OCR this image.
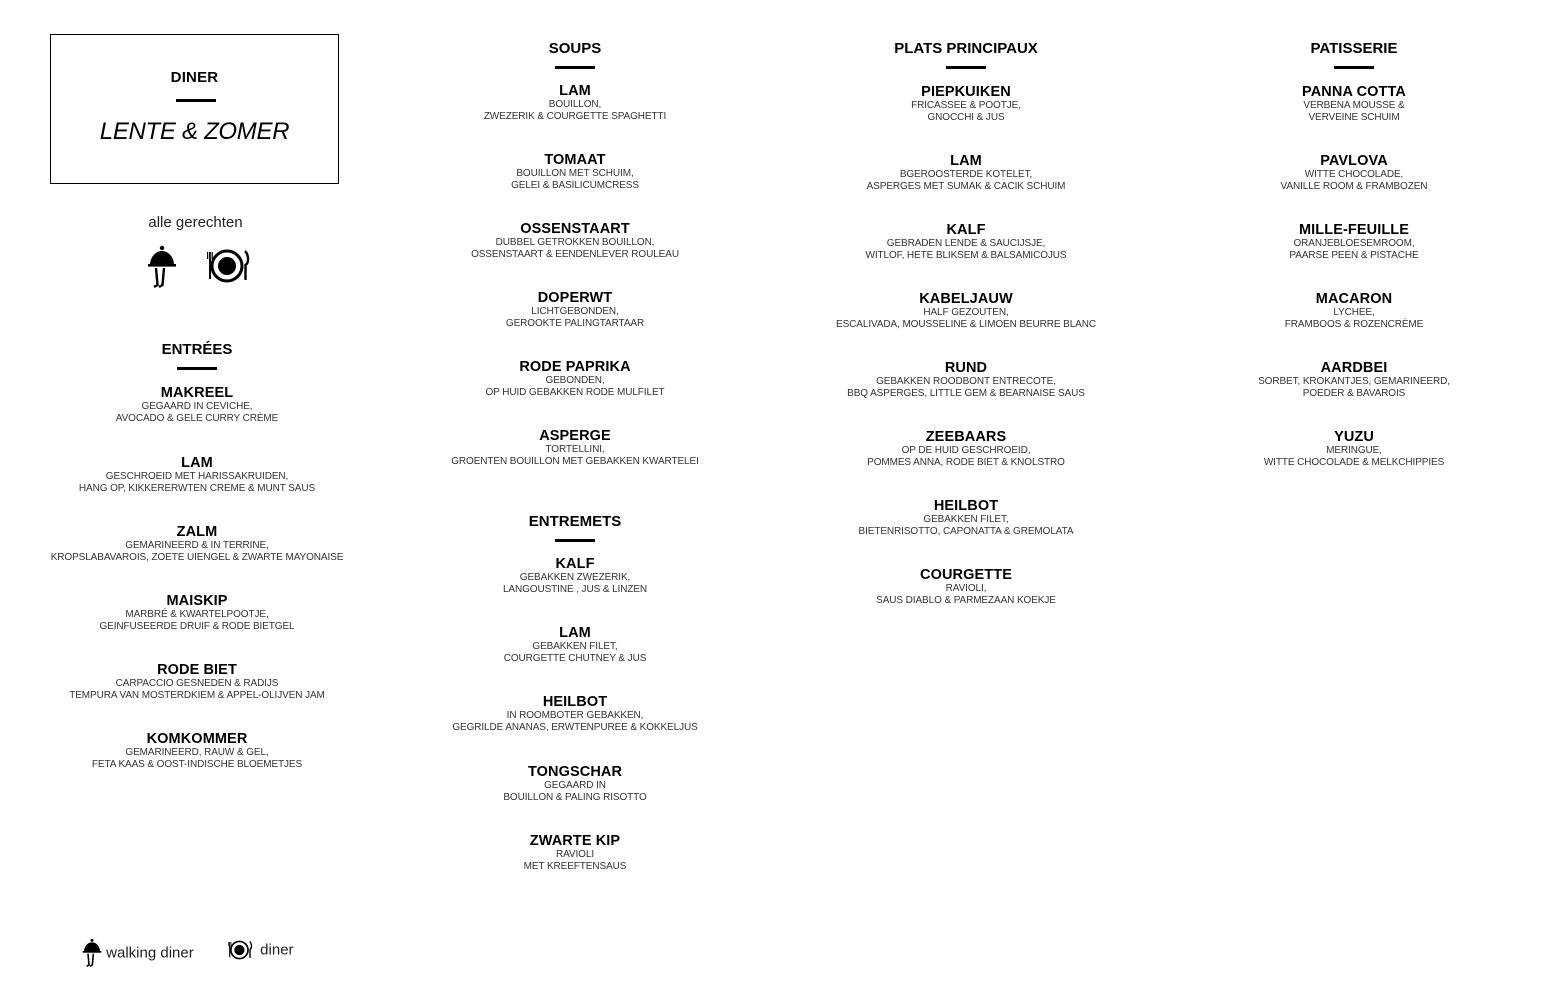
DINER
LENTE & ZOMER
alle gerechten
ENTRÉES
MAKREEL
GEGAARD IN CEVICHE,
AVOCADO & GELE CURRY CRÈME
LAM
GESCHROEID MET HARISSAKRUIDEN,
HANG OP, KIKKERERWTEN CREME & MUNT SAUS
ZALM
GEMARINEERD & IN TERRINE,
KROPSLABAVAROIS, ZOETE UIENGEL & ZWARTE MAYONAISE
MAISKIP
MARBRÉ & KWARTELPOOTJE,
GEINFUSEERDE DRUIF & RODE BIETGEL
RODE BIET
CARPACCIO GESNEDEN & RADIJS
TEMPURA VAN MOSTERDKIEM & APPEL-OLIJVEN JAM
KOMKOMMER
GEMARINEERD, RAUW & GEL,
FETA KAAS & OOST-INDISCHE BLOEMETJES
SOUPS
LAM
BOUILLON,
ZWEZERIK & COURGETTE SPAGHETTI
TOMAAT
BOUILLON MET SCHUIM,
GELEI & BASILICUMCRESS
OSSENSTAART
DUBBEL GETROKKEN BOUILLON,
OSSENSTAART & EENDENLEVER ROULEAU
DOPERWT
LICHTGEBONDEN,
GEROOKTE PALINGTARTAAR
RODE PAPRIKA
GEBONDEN,
OP HUID GEBAKKEN RODE MULFILET
ASPERGE
TORTELLINI,
GROENTEN BOUILLON MET GEBAKKEN KWARTELEI
ENTREMETS
KALF
GEBAKKEN ZWEZERIK,
LANGOUSTINE , JUS & LINZEN
LAM
GEBAKKEN FILET,
COURGETTE CHUTNEY & JUS
HEILBOT
IN ROOMBOTER GEBAKKEN,
GEGRILDE ANANAS, ERWTENPUREE & KOKKELJUS
TONGSCHAR
GEGAARD IN
BOUILLON & PALING RISOTTO
ZWARTE KIP
RAVIOLI
MET KREEFTENSAUS
PLATS PRINCIPAUX
PIEPKUIKEN
FRICASSEE & POOTJE,
GNOCCHI & JUS
LAM
BGEROOSTERDE KOTELET,
ASPERGES MET SUMAK & CACIK SCHUIM
KALF
GEBRADEN LENDE & SAUCIJSJE,
WITLOF, HETE BLIKSEM & BALSAMICOJUS
KABELJAUW
HALF GEZOUTEN,
ESCALIVADA, MOUSSELINE & LIMOEN BEURRE BLANC
RUND
GEBAKKEN ROODBONT ENTRECOTE,
BBQ ASPERGES, LITTLE GEM & BEARNAISE SAUS
ZEEBAARS
OP DE HUID GESCHROEID,
POMMES ANNA, RODE BIET & KNOLSTRO
HEILBOT
GEBAKKEN FILET,
BIETENRISOTTO, CAPONATTA & GREMOLATA
COURGETTE
RAVIOLI,
SAUS DIABLO & PARMEZAAN KOEKJE
PATISSERIE
PANNA COTTA
VERBENA MOUSSE &
VERVEINE SCHUIM
PAVLOVA
WITTE CHOCOLADE,
VANILLE ROOM & FRAMBOZEN
MILLE-FEUILLE
ORANJEBLOESEMROOM,
PAARSE PEEN & PISTACHE
MACARON
LYCHEE,
FRAMBOOS & ROZENCRÈME
AARDBEI
SORBET, KROKANTJES, GEMARINEERD,
POEDER & BAVAROIS
YUZU
MERINGUE,
WITTE CHOCOLADE & MELKCHIPPIES
walking diner	diner
